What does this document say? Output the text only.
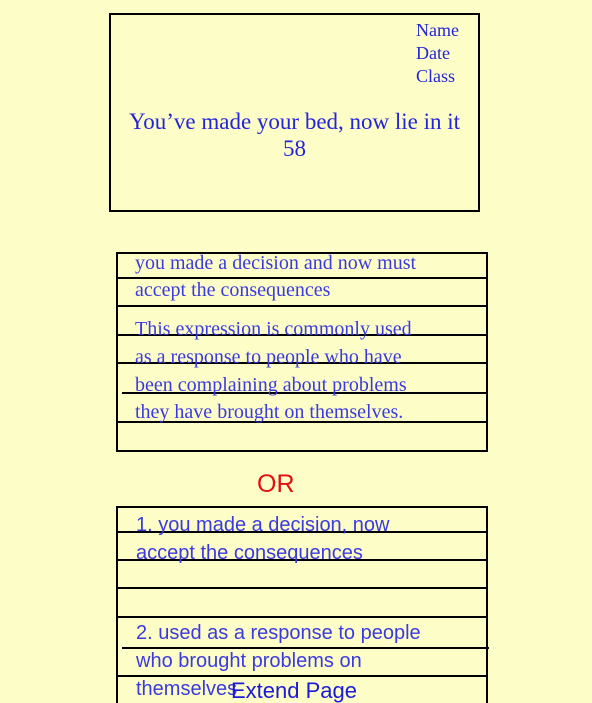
Name
Date
Class
You’ve made your bed, now lie in it
58
you made a decision and now must
accept the consequences
This expression is commonly used
as a response to people who have
been complaining about problems
they have brought on themselves.
OR
1. you made a decision, now
accept the consequences
2. used as a response to people
who brought problems on
themselves
Extend Page
